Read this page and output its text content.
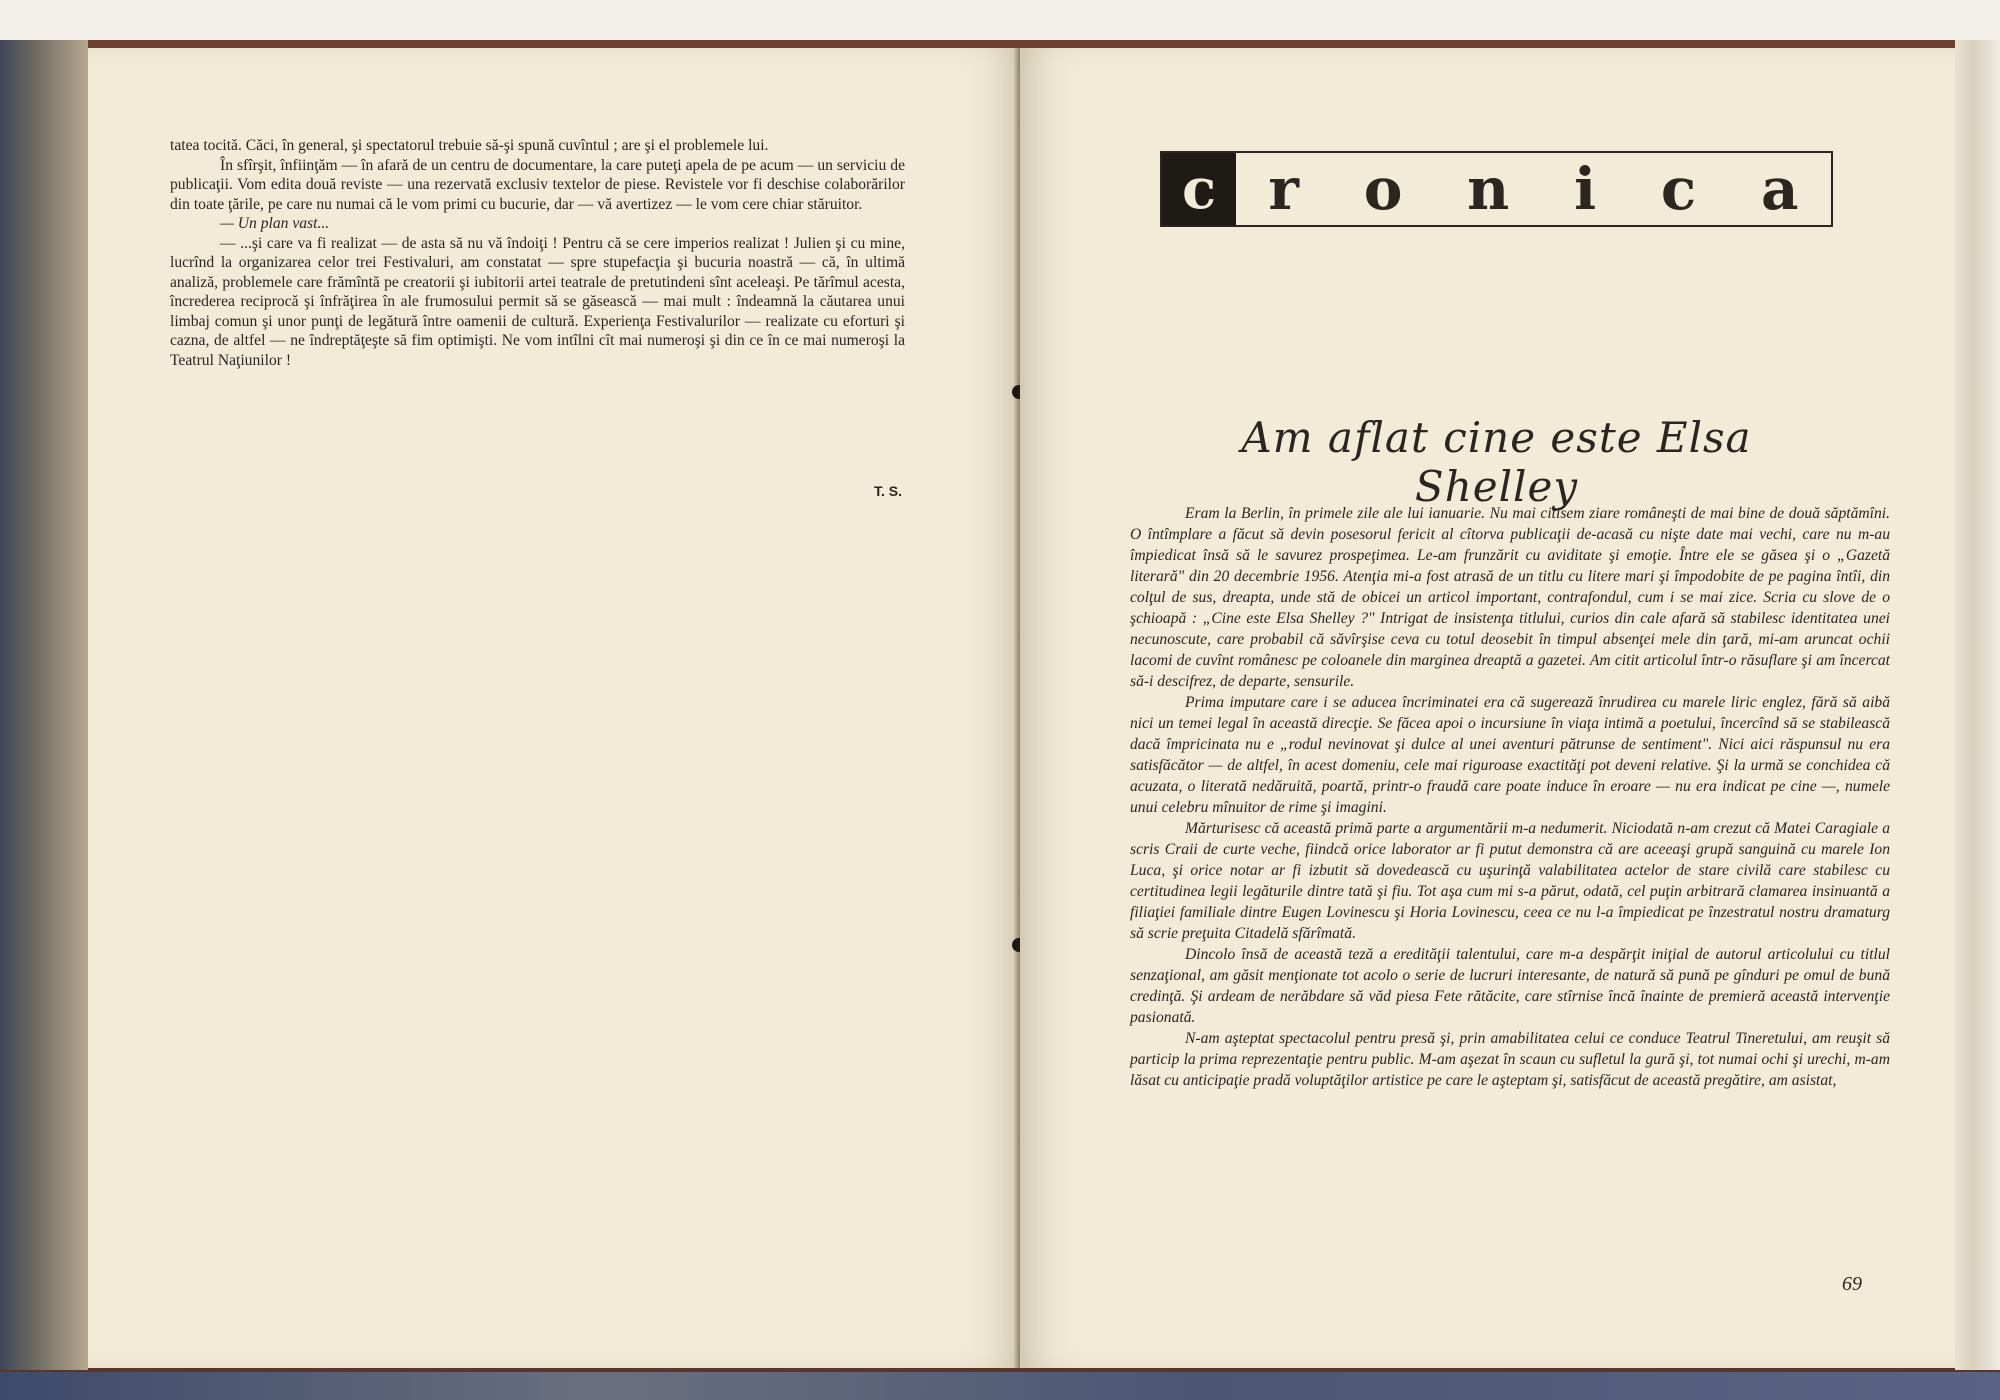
tatea tocită. Căci, în general, şi spectatorul trebuie să-şi spună cuvîntul ; are şi el problemele lui.

În sfîrşit, înfiinţăm — în afară de un centru de documentare, la care puteţi apela de pe acum — un serviciu de publicaţii. Vom edita două reviste — una rezervată exclusiv textelor de piese. Revistele vor fi deschise colaborărilor din toate ţările, pe care nu numai că le vom primi cu bucurie, dar — vă avertizez — le vom cere chiar stăruitor.

— Un plan vast...

— ...şi care va fi realizat — de asta să nu vă îndoiţi ! Pentru că se cere imperios realizat ! Julien şi cu mine, lucrînd la organizarea celor trei Festivaluri, am constatat — spre stupefacţia şi bucuria noastră — că, în ultimă analiză, problemele care frămîntă pe creatorii şi iubitorii artei teatrale de pretutindeni sînt aceleaşi. Pe tărîmul acesta, încrederea reciprocă şi înfrăţirea în ale frumosului permit să se găsească — mai mult : îndeamnă la căutarea unui limbaj comun şi unor punţi de legătură între oamenii de cultură. Experienţa Festivalurilor — realizate cu eforturi şi cazna, de altfel — ne îndreptăţeşte să fim optimişti. Ne vom intîlni cît mai numeroşi şi din ce în ce mai numeroşi la Teatrul Naţiunilor !

T. S.
c r o n i c a
Am aflat cine este Elsa Shelley

Eram la Berlin, în primele zile ale lui ianuarie. Nu mai citisem ziare româneşti de mai bine de două săptămîni. O întîmplare a făcut să devin posesorul fericit al cîtorva publicaţii de-acasă cu nişte date mai vechi, care nu m-au împiedicat însă să le savurez prospeţimea. Le-am frunzărit cu aviditate şi emoţie. Între ele se găsea şi o „Gazetă literară" din 20 decembrie 1956. Atenţia mi-a fost atrasă de un titlu cu litere mari şi împodobite de pe pagina întîi, din colţul de sus, dreapta, unde stă de obicei un articol important, contrafondul, cum i se mai zice. Scria cu slove de o şchioapă : „Cine este Elsa Shelley ?" Intrigat de insistenţa titlului, curios din cale afară să stabilesc identitatea unei necunoscute, care probabil că săvîrşise ceva cu totul deosebit în timpul absenţei mele din ţară, mi-am aruncat ochii lacomi de cuvînt românesc pe coloanele din marginea dreaptă a gazetei. Am citit articolul într-o răsuflare şi am încercat să-i descifrez, de departe, sensurile.

Prima imputare care i se aducea încriminatei era că sugerează înrudirea cu marele liric englez, fără să aibă nici un temei legal în această direcţie. Se făcea apoi o incursiune în viaţa intimă a poetului, încercînd să se stabilească dacă împricinata nu e „rodul nevinovat şi dulce al unei aventuri pătrunse de sentiment". Nici aici răspunsul nu era satisfăcător — de altfel, în acest domeniu, cele mai riguroase exactităţi pot deveni relative. Şi la urmă se conchidea că acuzata, o literată nedăruită, poartă, printr-o fraudă care poate induce în eroare — nu era indicat pe cine —, numele unui celebru mînuitor de rime şi imagini.

Mărturisesc că această primă parte a argumentării m-a nedumerit. Niciodată n-am crezut că Matei Caragiale a scris Craii de curte veche, fiindcă orice laborator ar fi putut demonstra că are aceeaşi grupă sanguină cu marele Ion Luca, şi orice notar ar fi izbutit să dovedească cu uşurinţă valabilitatea actelor de stare civilă care stabilesc cu certitudinea legii legăturile dintre tată şi fiu. Tot aşa cum mi s-a părut, odată, cel puţin arbitrară clamarea insinuantă a filiaţiei familiale dintre Eugen Lovinescu şi Horia Lovinescu, ceea ce nu l-a împiedicat pe înzestratul nostru dramaturg să scrie preţuita Citadelă sfărîmată.

Dincolo însă de această teză a eredităţii talentului, care m-a despărţit iniţial de autorul articolului cu titlul senzaţional, am găsit menţionate tot acolo o serie de lucruri interesante, de natură să pună pe gînduri pe omul de bună credinţă. Şi ardeam de nerăbdare să văd piesa Fete rătăcite, care stîrnise încă înainte de premieră această intervenţie pasionată.

N-am aşteptat spectacolul pentru presă şi, prin amabilitatea celui ce conduce Teatrul Tineretului, am reuşit să particip la prima reprezentaţie pentru public. M-am aşezat în scaun cu sufletul la gură şi, tot numai ochi şi urechi, m-am lăsat cu anticipaţie pradă voluptăţilor artistice pe care le aşteptam şi, satisfăcut de această pregătire, am asistat,

69
